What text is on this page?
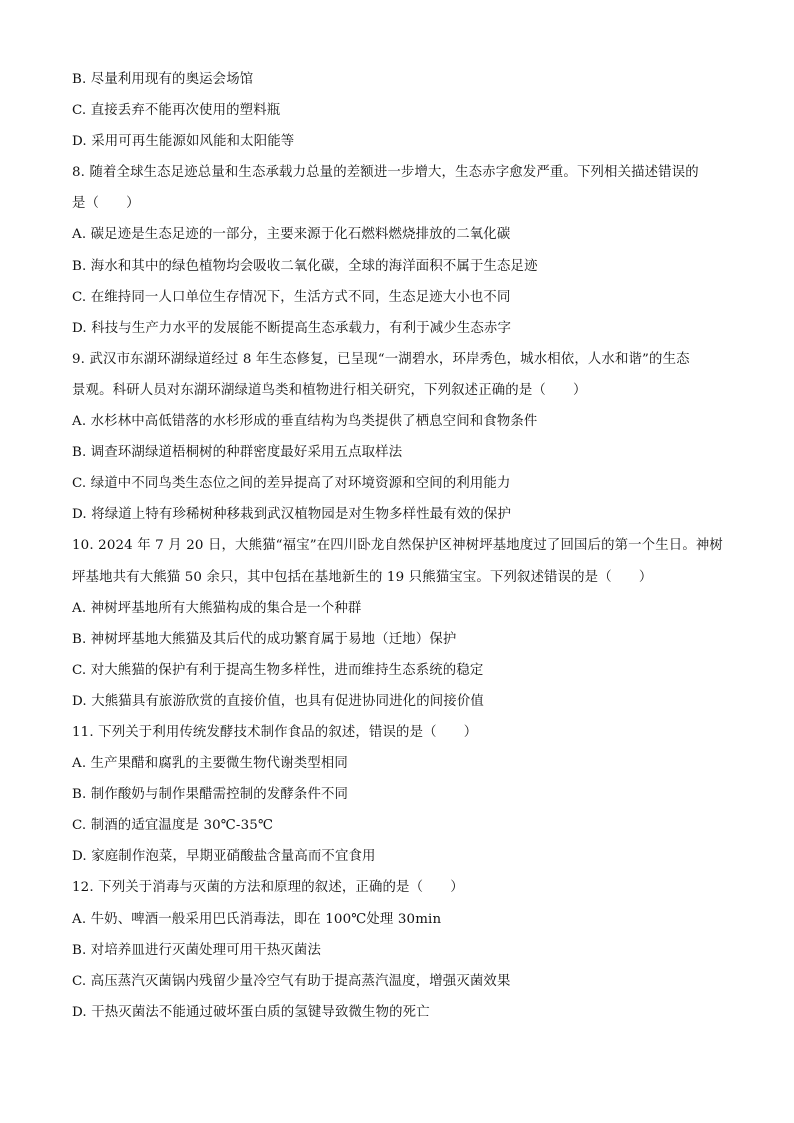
B. 尽量利用现有的奥运会场馆
C. 直接丢弃不能再次使用的塑料瓶
D. 采用可再生能源如风能和太阳能等
8. 随着全球生态足迹总量和生态承载力总量的差额进一步增大，生态赤字愈发严重。下列相关描述错误的
是（　　）
A. 碳足迹是生态足迹的一部分，主要来源于化石燃料燃烧排放的二氧化碳
B. 海水和其中的绿色植物均会吸收二氧化碳，全球的海洋面积不属于生态足迹
C. 在维持同一人口单位生存情况下，生活方式不同，生态足迹大小也不同
D. 科技与生产力水平的发展能不断提高生态承载力，有利于减少生态赤字
9. 武汉市东湖环湖绿道经过 8 年生态修复，已呈现“一湖碧水，环岸秀色，城水相依，人水和谐”的生态
景观。科研人员对东湖环湖绿道鸟类和植物进行相关研究，下列叙述正确的是（　　）
A. 水杉林中高低错落的水杉形成的垂直结构为鸟类提供了栖息空间和食物条件
B. 调查环湖绿道梧桐树的种群密度最好采用五点取样法
C. 绿道中不同鸟类生态位之间的差异提高了对环境资源和空间的利用能力
D. 将绿道上特有珍稀树种移栽到武汉植物园是对生物多样性最有效的保护
10. 2024 年 7 月 20 日，大熊猫“福宝”在四川卧龙自然保护区神树坪基地度过了回国后的第一个生日。神树
坪基地共有大熊猫 50 余只，其中包括在基地新生的 19 只熊猫宝宝。下列叙述错误的是（　　）
A. 神树坪基地所有大熊猫构成的集合是一个种群
B. 神树坪基地大熊猫及其后代的成功繁育属于易地（迁地）保护
C. 对大熊猫的保护有利于提高生物多样性，进而维持生态系统的稳定
D. 大熊猫具有旅游欣赏的直接价值，也具有促进协同进化的间接价值
11. 下列关于利用传统发酵技术制作食品的叙述，错误的是（　　）
A. 生产果醋和腐乳的主要微生物代谢类型相同
B. 制作酸奶与制作果醋需控制的发酵条件不同
C. 制酒的适宜温度是 30℃-35℃
D. 家庭制作泡菜，早期亚硝酸盐含量高而不宜食用
12. 下列关于消毒与灭菌的方法和原理的叙述，正确的是（　　）
A. 牛奶、啤酒一般采用巴氏消毒法，即在 100℃处理 30min
B. 对培养皿进行灭菌处理可用干热灭菌法
C. 高压蒸汽灭菌锅内残留少量冷空气有助于提高蒸汽温度，增强灭菌效果
D. 干热灭菌法不能通过破坏蛋白质的氢键导致微生物的死亡
